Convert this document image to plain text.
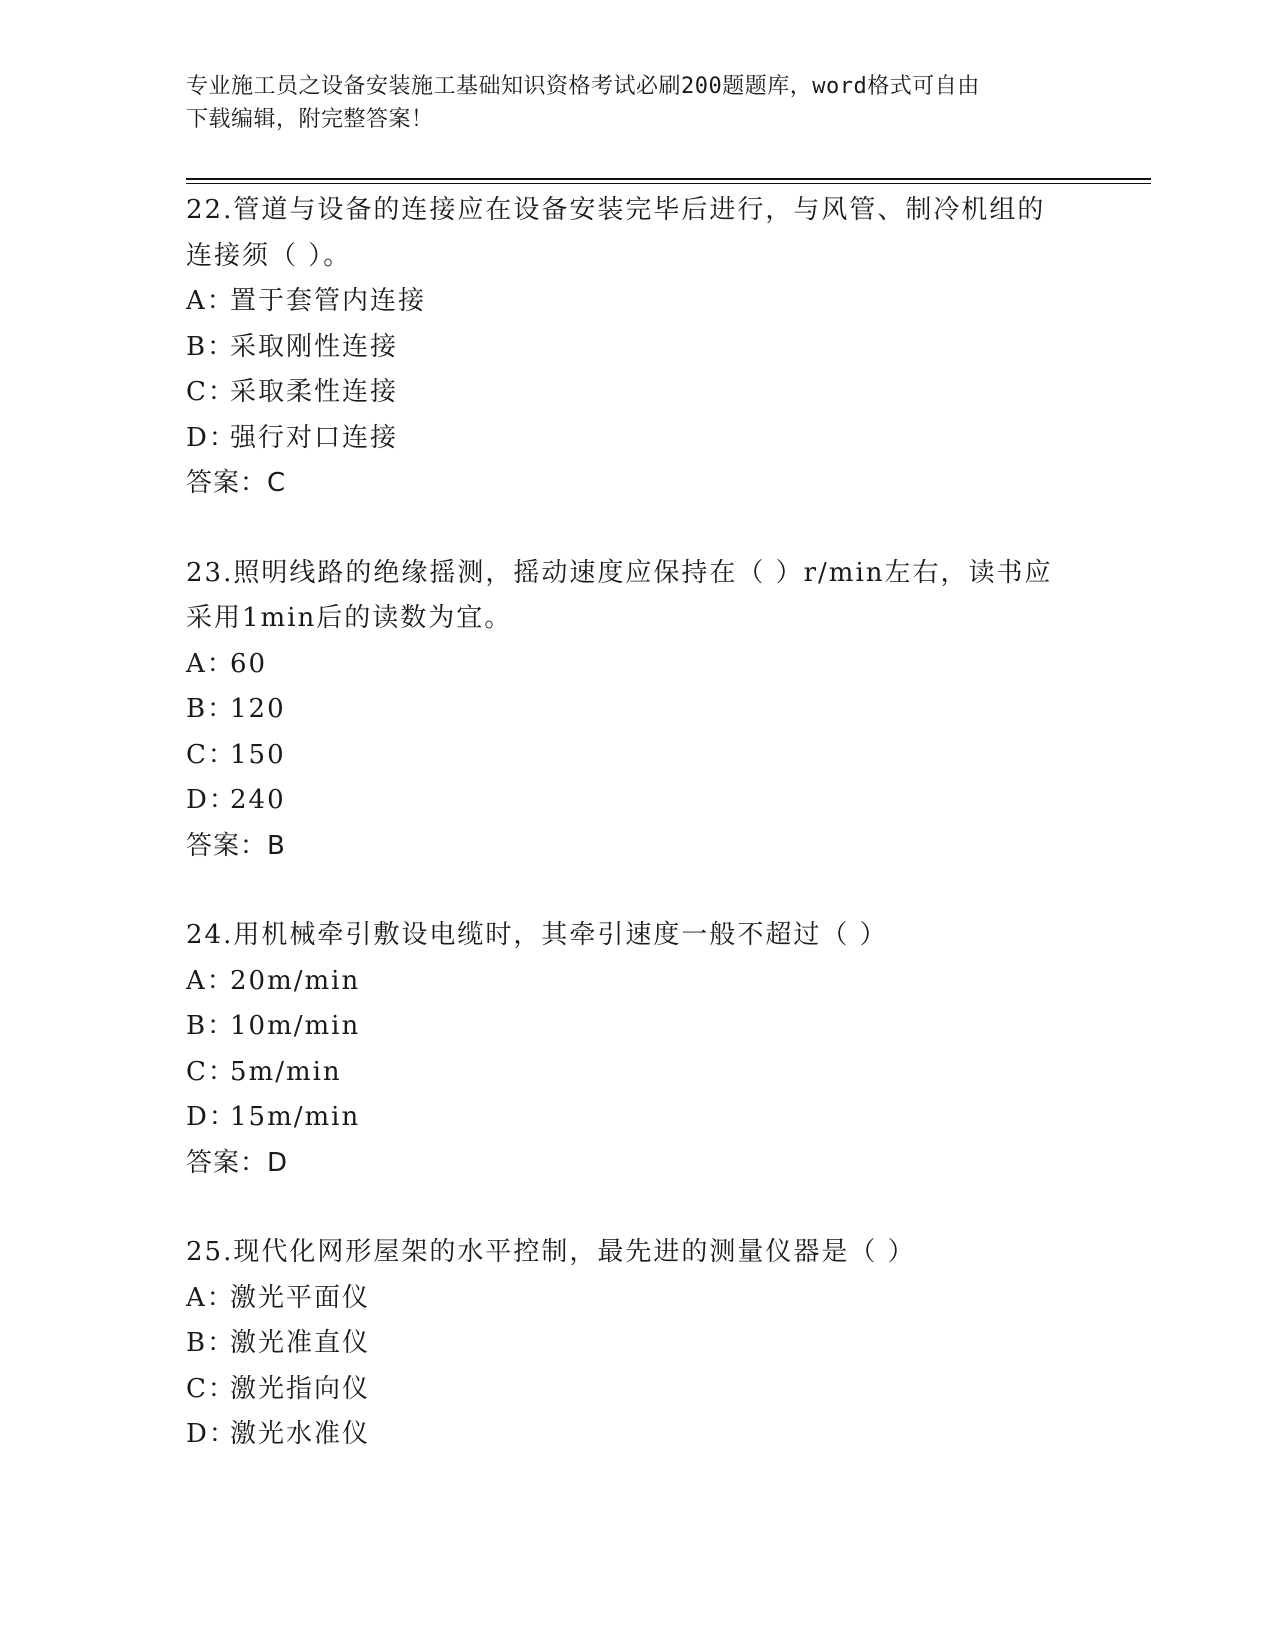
专业施工员之设备安装施工基础知识资格考试必刷200题题库，word格式可自由
下载编辑，附完整答案！

22.管道与设备的连接应在设备安装完毕后进行，与风管、制冷机组的
连接须（ ）。

A：置于套管内连接

B：采取刚性连接

C：采取柔性连接

D：强行对口连接

答案：C

23.照明线路的绝缘摇测，摇动速度应保持在（ ）r/min左右，读书应
采用1min后的读数为宜。

A：60

B：120

C：150

D：240

答案：B

24.用机械牵引敷设电缆时，其牵引速度一般不超过（ ）

A：20m/min

B：10m/min

C：5m/min

D：15m/min

答案：D

25.现代化网形屋架的水平控制，最先进的测量仪器是（ ）

A：激光平面仪

B：激光准直仪

C：激光指向仪

D：激光水准仪
